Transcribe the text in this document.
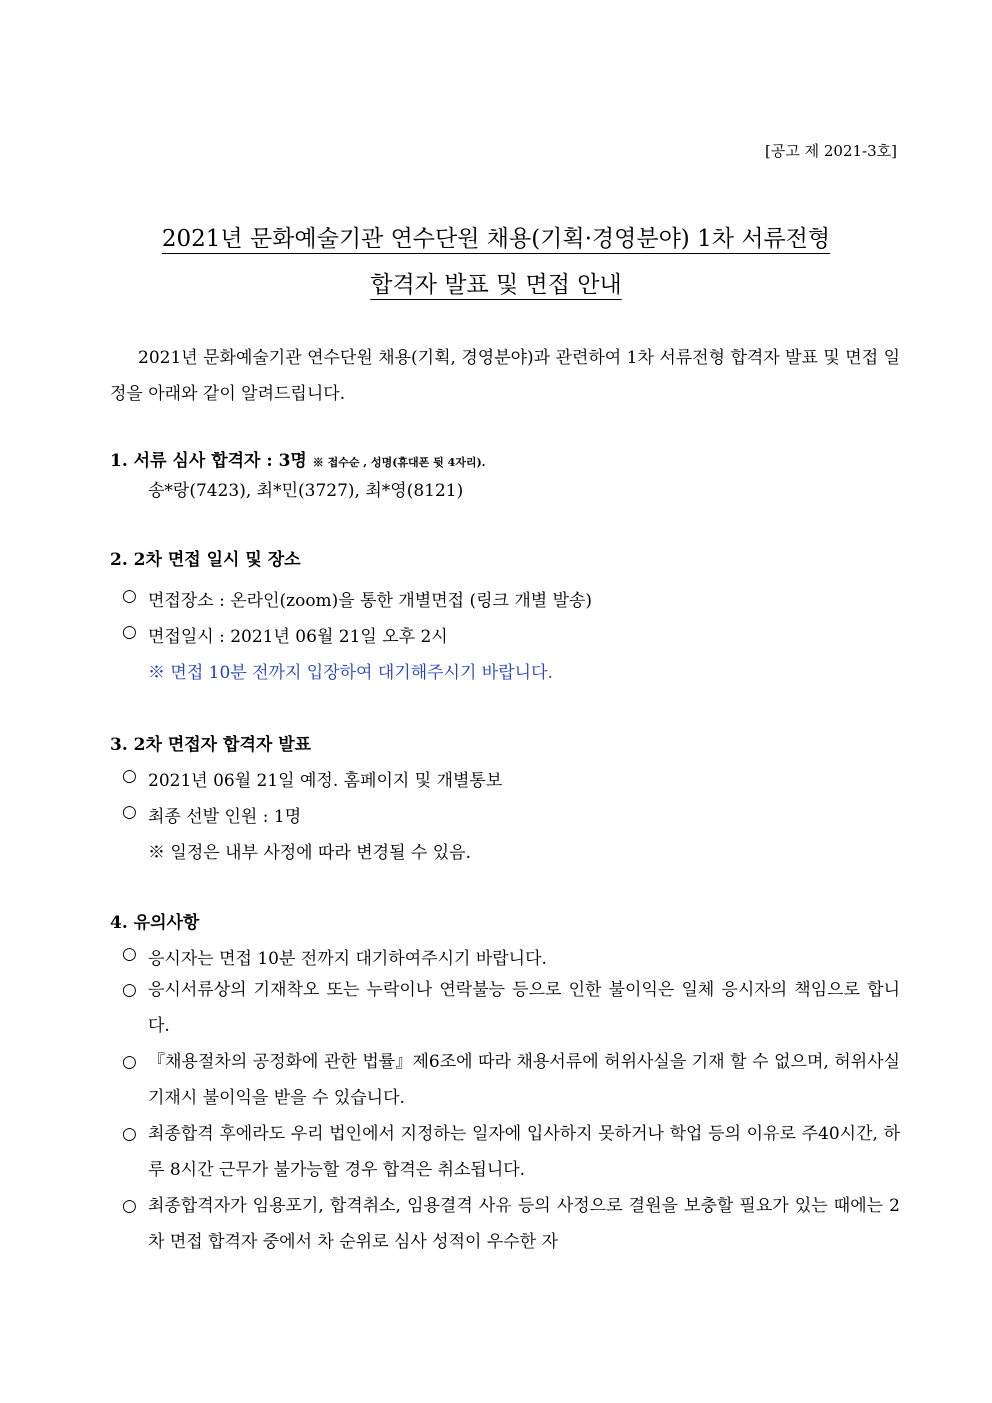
[공고 제 2021-3호]
2021년 문화예술기관 연수단원 채용(기획·경영분야) 1차 서류전형
합격자 발표 및 면접 안내
2021년 문화예술기관 연수단원 채용(기획, 경영분야)과 관련하여 1차 서류전형 합격자 발표 및 면접 일정을 아래와 같이 알려드립니다.
1. 서류 심사 합격자 : 3명 ※ 접수순 , 성명(휴대폰 뒷 4자리).
송*랑(7423), 최*민(3727), 최*영(8121)
2. 2차 면접 일시 및 장소
○ 면접장소 : 온라인(zoom)을 통한 개별면접 (링크 개별 발송)
○ 면접일시 : 2021년 06월 21일 오후 2시
※ 면접 10분 전까지 입장하여 대기해주시기 바랍니다.
3. 2차 면접자 합격자 발표
○ 2021년 06월 21일 예정. 홈페이지 및 개별통보
○ 최종 선발 인원 : 1명
※ 일정은 내부 사정에 따라 변경될 수 있음.
4. 유의사항
○ 응시자는 면접 10분 전까지 대기하여주시기 바랍니다.
○ 응시서류상의 기재착오 또는 누락이나 연락불능 등으로 인한 불이익은 일체 응시자의 책임으로 합니다.
○ 『채용절차의 공정화에 관한 법률』제6조에 따라 채용서류에 허위사실을 기재 할 수 없으며, 허위사실 기재시 불이익을 받을 수 있습니다.
○ 최종합격 후에라도 우리 법인에서 지정하는 일자에 입사하지 못하거나 학업 등의 이유로 주40시간, 하루 8시간 근무가 불가능할 경우 합격은 취소됩니다.
○ 최종합격자가 임용포기, 합격취소, 임용결격 사유 등의 사정으로 결원을 보충할 필요가 있는 때에는 2차 면접 합격자 중에서 차 순위로 심사 성적이 우수한 자
